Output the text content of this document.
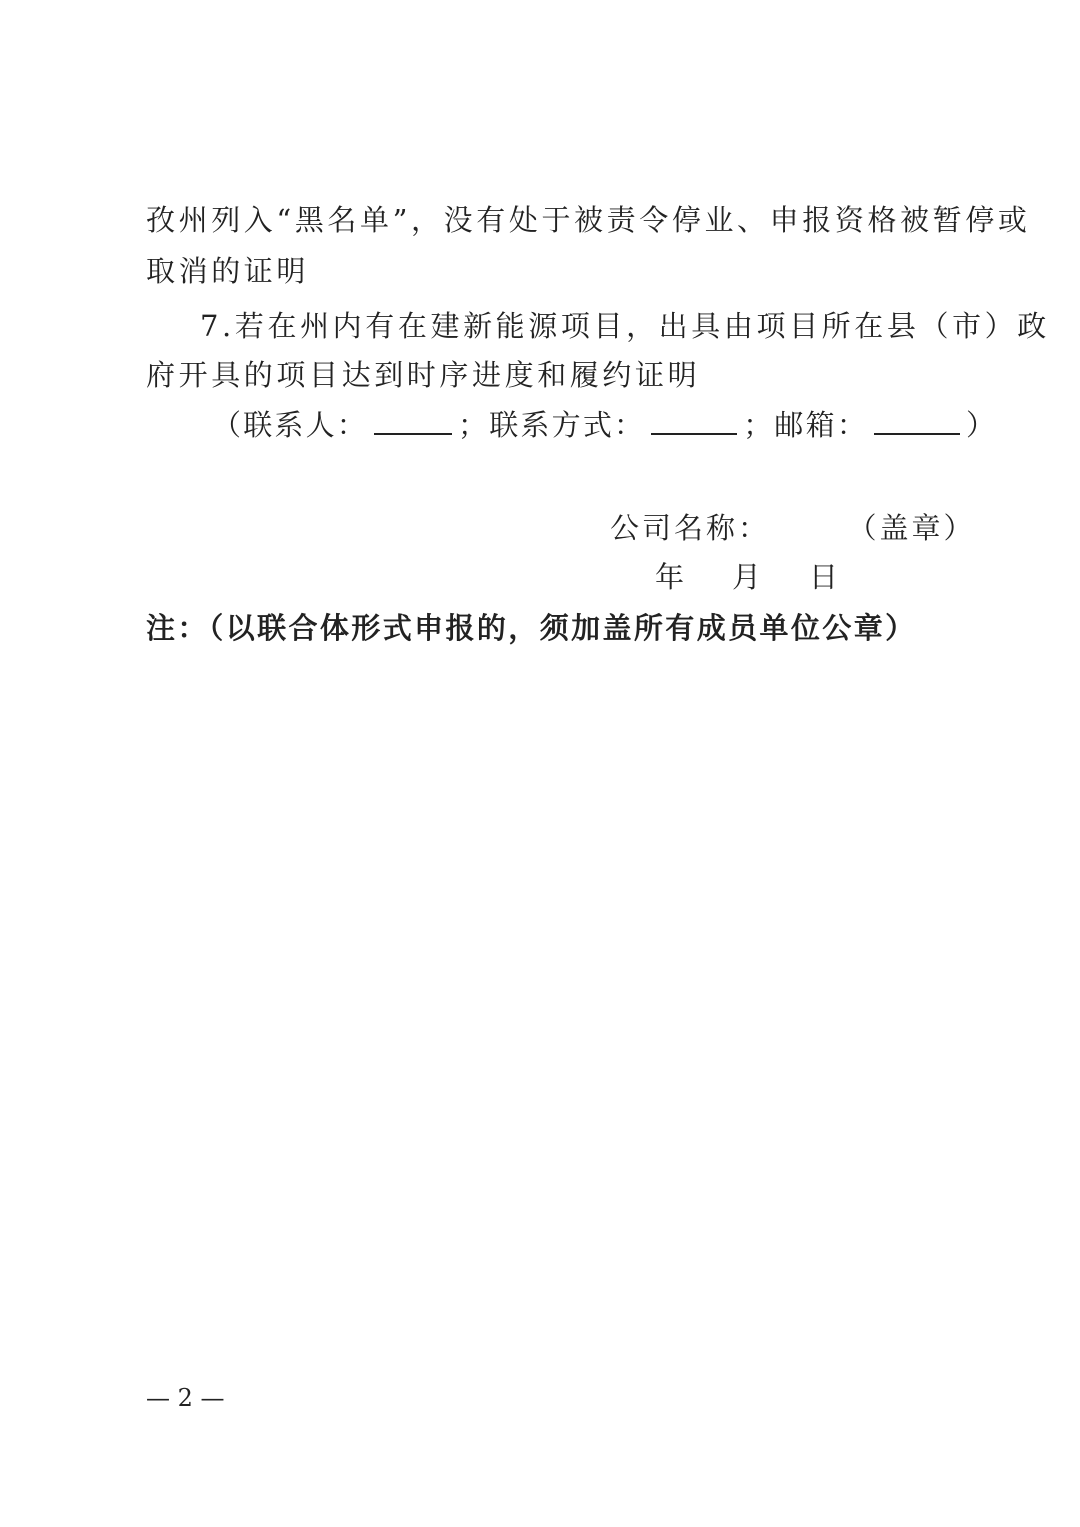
孜州列入“黑名单”，没有处于被责令停业、申报资格被暂停或
取消的证明
7.若在州内有在建新能源项目，出具由项目所在县（市）政
府开具的项目达到时序进度和履约证明
（联系人：	；联系方式：	；邮箱：	）
公司名称：	（盖章）
年 月 日
注：（以联合体形式申报的，须加盖所有成员单位公章）
— 2 —
